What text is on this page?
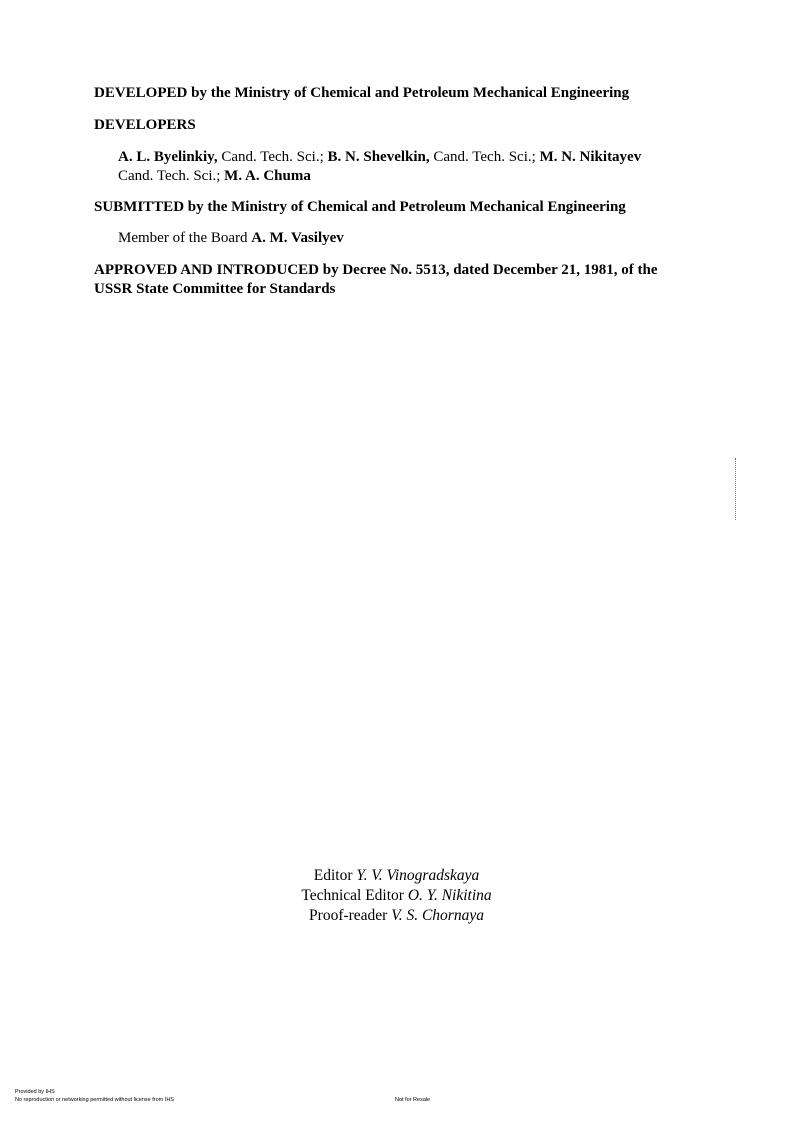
DEVELOPED by the Ministry of Chemical and Petroleum Mechanical Engineering
DEVELOPERS
A. L. Byelinkiy, Cand. Tech. Sci.; B. N. Shevelkin, Cand. Tech. Sci.; M. N. Nikitayev
Cand. Tech. Sci.; M. A. Chuma
SUBMITTED by the Ministry of Chemical and Petroleum Mechanical Engineering
Member of the Board A. M. Vasilyev
APPROVED AND INTRODUCED by Decree No. 5513, dated December 21, 1981, of the
USSR State Committee for Standards
Editor Y. V. Vinogradskaya
Technical Editor O. Y. Nikitina
Proof-reader V. S. Chornaya
Provided by IHS
No reproduction or networking permitted without license from IHS	Not for Resale
